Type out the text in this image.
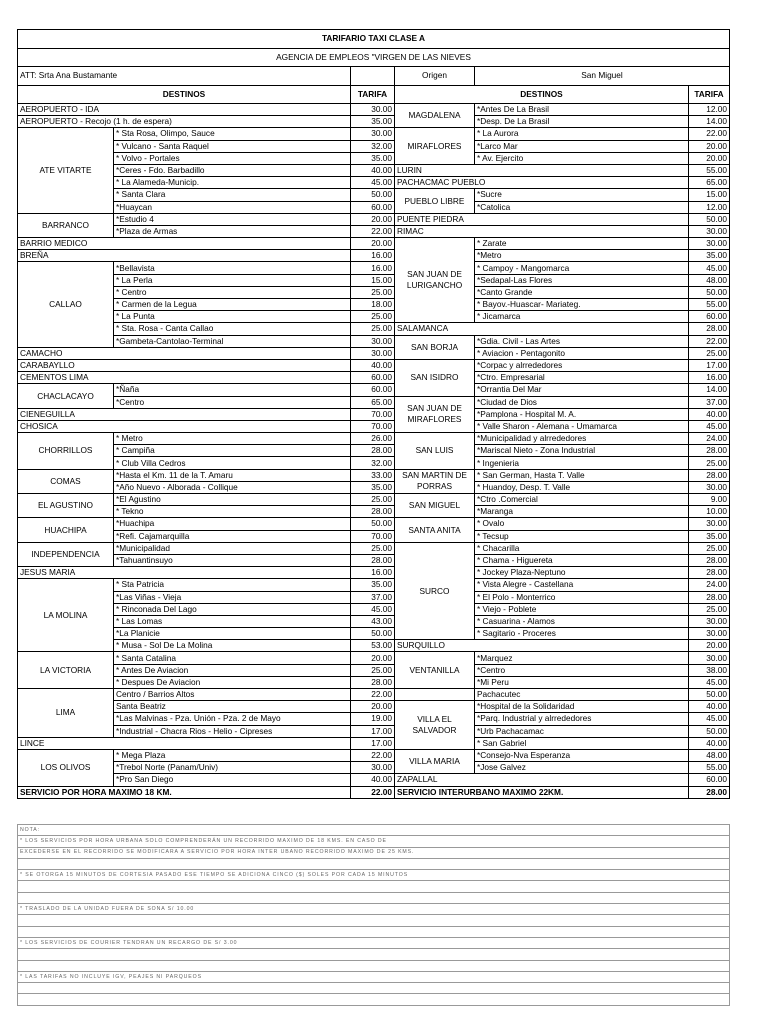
TARIFARIO TAXI CLASE A					
AGENCIA DE EMPLEOS "VIRGEN DE LAS NIEVES					
ATT: Srta Ana Bustamante			Origen	San Miguel	
DESTINOS		TARIFA	DESTINOS		TARIFA
AEROPUERTO - IDA		30.00	MAGDALENA	*Antes De La Brasil	12.00
AEROPUERTO - Recojo (1 h. de espera)		35.00		*Desp. De La Brasil	14.00
ATE VITARTE	* Sta Rosa, Olimpo, Sauce	30.00	MIRAFLORES	* La Aurora	22.00
	* Vulcano - Santa Raquel	32.00		*Larco Mar	20.00
	* Volvo - Portales	35.00		* Av. Ejercito	20.00
	*Ceres - Fdo. Barbadillo	40.00	LURIN		55.00
	* La Alameda-Municip.	45.00	PACHACMAC PUEBLO		65.00
	* Santa Clara	50.00	PUEBLO LIBRE	*Sucre	15.00
	*Huaycan	60.00		*Catolica	12.00
BARRANCO	*Estudio 4	20.00	PUENTE PIEDRA		50.00
	*Plaza de Armas	22.00	RIMAC		30.00
BARRIO MEDICO		20.00	SAN JUAN DE LURIGANCHO	* Zarate	30.00
BREÑA		16.00		*Metro	35.00
CALLAO	*Bellavista	16.00		* Campoy - Mangomarca	45.00
	* La Perla	15.00		*Sedapal-Las Flores	48.00
	* Centro	25.00		*Canto Grande	50.00
	* Carmen de la Legua	18.00		* Bayov.-Huascar- Mariateg.	55.00
	* La Punta	25.00		* Jicamarca	60.00
	* Sta. Rosa - Canta Callao	25.00	SALAMANCA		28.00
	*Gambeta-Cantolao-Terminal	30.00	SAN BORJA	*Gdia. Civil - Las Artes	22.00
CAMACHO		30.00		* Aviacion - Pentagonito	25.00
CARABAYLLO		40.00	SAN ISIDRO	*Corpac y alrrededores	17.00
CEMENTOS LIMA		60.00		*Ctro. Empresarial	16.00
CHACLACAYO	*Ñaña	60.00		*Orrantia Del Mar	14.00
	*Centro	65.00	SAN JUAN DE MIRAFLORES	*Ciudad de Dios	37.00
CIENEGUILLA		70.00		*Pamplona - Hospital M. A.	40.00
CHOSICA		70.00		* Valle Sharon - Alemana - Umamarca	45.00
CHORRILLOS	* Metro	26.00	SAN LUIS	*Municipalidad y alrrededores	24.00
	* Campiña	28.00		*Mariscal Nieto - Zona Industrial	28.00
	* Club Villa Cedros	32.00		* Ingenieria	25.00
COMAS	*Hasta el Km. 11 de la T. Amaru	33.00	SAN MARTIN DE PORRAS	* San German, Hasta T. Valle	28.00
	*Año Nuevo - Alborada - Collique	35.00		* Huandoy, Desp. T. Valle	30.00
EL AGUSTINO	*El Agustino	25.00	SAN MIGUEL	*Ctro .Comercial	9.00
	* Tekno	28.00		*Maranga	10.00
HUACHIPA	*Huachipa	50.00	SANTA ANITA	* Ovalo	30.00
	*Refi. Cajamarquilla	70.00		* Tecsup	35.00
INDEPENDENCIA	*Municipalidad	25.00	SURCO	* Chacarilla	25.00
	*Tahuantinsuyo	28.00		* Chama - Higuereta	28.00
JESUS MARIA		16.00		* Jockey Plaza-Neptuno	28.00
LA MOLINA	* Sta Patricia	35.00		* Vista Alegre - Castellana	24.00
	*Las Viñas - Vieja	37.00		* El Polo - Monterrico	28.00
	* Rinconada Del Lago	45.00		* Viejo - Poblete	25.00
	* Las Lomas	43.00		* Casuarina - Alamos	30.00
	*La Planicie	50.00		* Sagitario - Proceres	30.00
	* Musa - Sol De La Molina	53.00	SURQUILLO		20.00
LA VICTORIA	* Santa Catalina	20.00	VENTANILLA	*Marquez	30.00
	* Antes De Aviacion	25.00		*Centro	38.00
	* Despues De Aviacion	28.00		*Mi Peru	45.00
LIMA	Centro / Barrios Altos	22.00		Pachacutec	50.00
	Santa Beatriz	20.00	VILLA EL SALVADOR	*Hospital de la Solidaridad	40.00
	*Las Malvinas - Pza. Unión - Pza. 2 de Mayo	19.00		*Parq. Industrial y alrrededores	45.00
	*Industrial - Chacra Rios - Helio - Cipreses	17.00		*Urb Pachacamac	50.00
LINCE		17.00		* San Gabriel	40.00
LOS OLIVOS	* Mega Plaza	22.00	VILLA MARIA	*Consejo-Nva Esperanza	48.00
	*Trebol Norte (Panam/Univ)	30.00		*Jose Galvez	55.00
	*Pro San Diego	40.00	ZAPALLAL		60.00
SERVICIO POR HORA MAXIMO 18 KM.		22.00	SERVICIO INTERURBANO MAXIMO 22KM.		28.00
NOTA:
* LOS SERVICIOS POR HORA URBANA SOLO COMPRENDERÁN UN RECORRIDO MAXIMO DE 18 KMS. EN CASO DE
EXCEDERSE EN EL RECORRIDO SE MODIFICARA A SERVICIO POR HORA INTER UBANO RECORRIDO MAXIMO DE 25 KMS.

* SE OTORGA 15 MINUTOS DE CORTESIA PASADO ESE TIEMPO SE ADICIONA CINCO ($) SOLES POR CADA 15 MINUTOS

* TRASLADO DE LA UNIDAD FUERA DE SONA S/ 10.00

* LOS SERVICIOS DE COURIER TENDRAN UN RECARGO DE S/ 3.00

* LAS TARIFAS NO INCLUYE IGV, PEAJES NI PARQUEOS
